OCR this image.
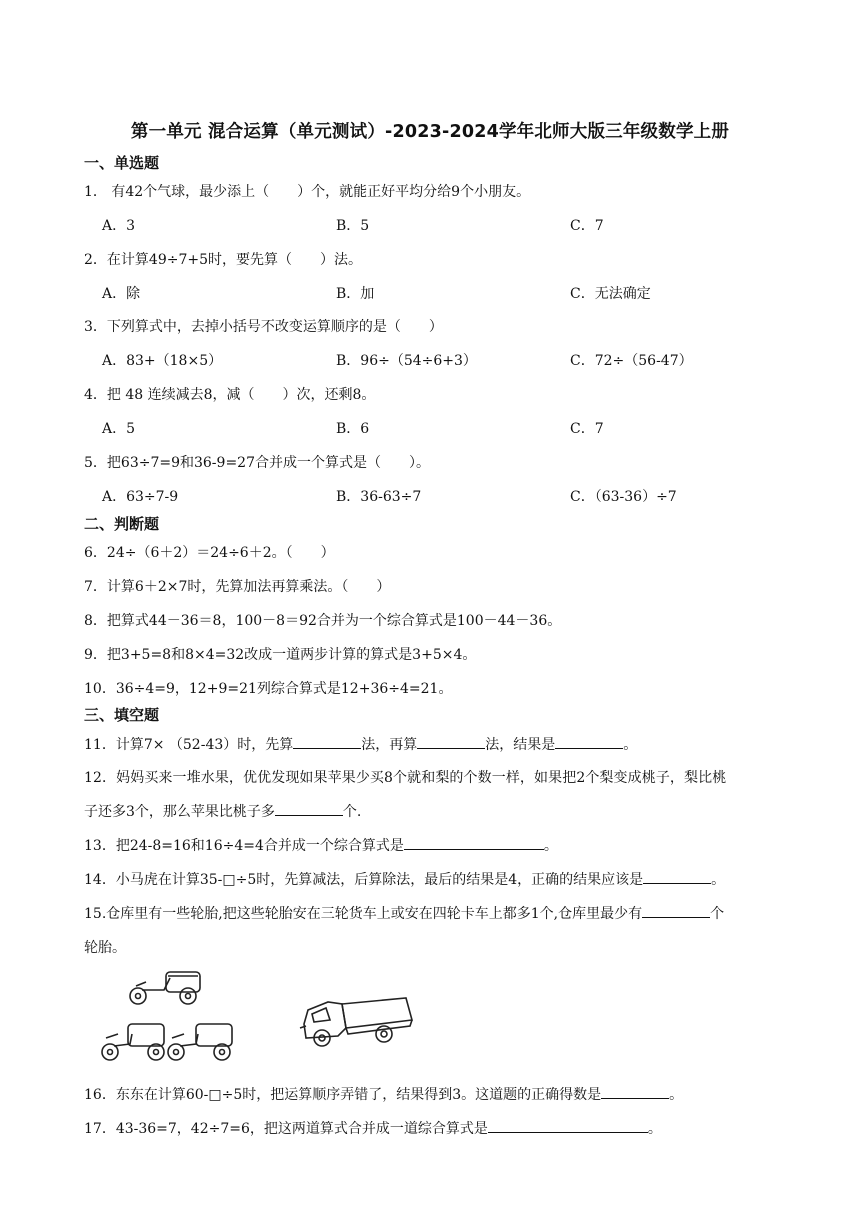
第一单元 混合运算（单元测试）-2023-2024学年北师大版三年级数学上册
一、单选题
1． 有42个气球，最少添上（　　）个，就能正好平均分给9个小朋友。
A．3	B．5	C．7
2．在计算49÷7+5时，要先算（　　）法。
A．除	B．加	C．无法确定
3．下列算式中，去掉小括号不改变运算顺序的是（　　）
A．83+（18×5）	B．96÷（54÷6+3）	C．72÷（56-47）
4．把 48 连续减去8，减（　　）次，还剩8。
A．5	B．6	C．7
5．把63÷7=9和36-9=27合并成一个算式是（　　）。
A．63÷7-9	B．36-63÷7	C．（63-36）÷7
二、判断题
6．24÷（6＋2）＝24÷6＋2。（　　）
7．计算6＋2×7时，先算加法再算乘法。（　　）
8．把算式44－36＝8，100－8＝92合并为一个综合算式是100－44－36。
9．把3+5=8和8×4=32改成一道两步计算的算式是3+5×4。
10．36÷4=9，12+9=21列综合算式是12+36÷4=21。
三、填空题
11．计算7× （52-43）时，先算	法，再算	法，结果是	。
12．妈妈买来一堆水果，优优发现如果苹果少买8个就和梨的个数一样，如果把2个梨变成桃子，梨比桃
子还多3个，那么苹果比桃子多	个.
13．把24-8=16和16÷4=4合并成一个综合算式是	。
14．小马虎在计算35-□÷5时，先算减法，后算除法，最后的结果是4，正确的结果应该是	。
15.仓库里有一些轮胎,把这些轮胎安在三轮货车上或安在四轮卡车上都多1个,仓库里最少有	个
轮胎。
16．东东在计算60-□÷5时，把运算顺序弄错了，结果得到3。这道题的正确得数是	。
17．43-36=7，42÷7=6，把这两道算式合并成一道综合算式是	。
